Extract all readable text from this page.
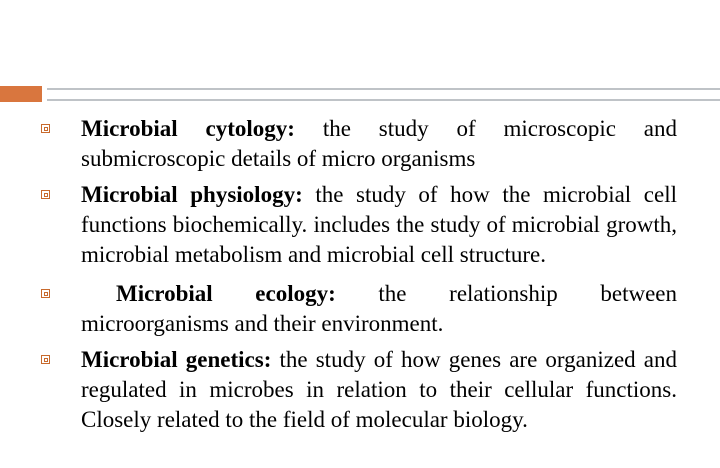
Microbial cytology: the study of microscopic and submicroscopic details of micro organisms
Microbial physiology: the study of how the microbial cell functions biochemically. includes the study of microbial growth, microbial metabolism and microbial cell structure.
Microbial ecology: the relationship between microorganisms and their environment.
Microbial genetics: the study of how genes are organized and regulated in microbes in relation to their cellular functions. Closely related to the field of molecular biology.
